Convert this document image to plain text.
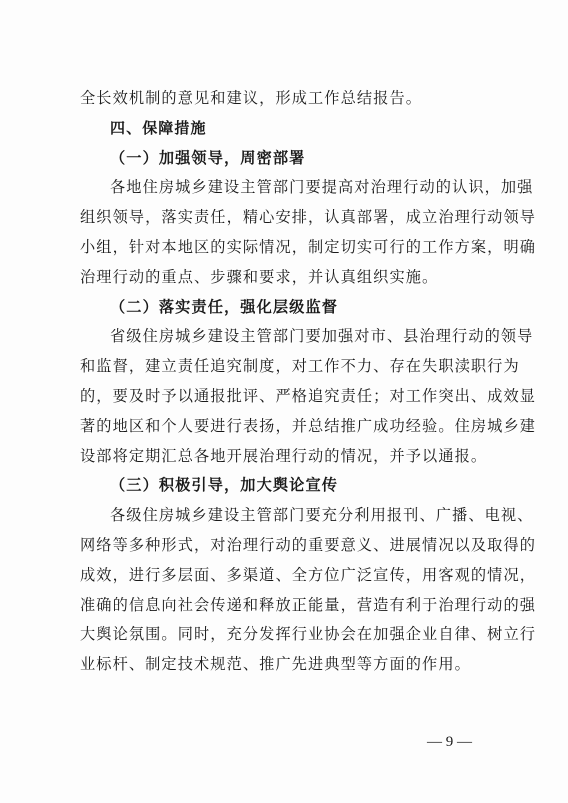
全长效机制的意见和建议，形成工作总结报告。
四、保障措施
（一）加强领导，周密部署
各地住房城乡建设主管部门要提高对治理行动的认识，加强
组织领导，落实责任，精心安排，认真部署，成立治理行动领导
小组，针对本地区的实际情况，制定切实可行的工作方案，明确
治理行动的重点、步骤和要求，并认真组织实施。
（二）落实责任，强化层级监督
省级住房城乡建设主管部门要加强对市、县治理行动的领导
和监督，建立责任追究制度，对工作不力、存在失职渎职行为
的，要及时予以通报批评、严格追究责任；对工作突出、成效显
著的地区和个人要进行表扬，并总结推广成功经验。住房城乡建
设部将定期汇总各地开展治理行动的情况，并予以通报。
（三）积极引导，加大舆论宣传
各级住房城乡建设主管部门要充分利用报刊、广播、电视、
网络等多种形式，对治理行动的重要意义、进展情况以及取得的
成效，进行多层面、多渠道、全方位广泛宣传，用客观的情况，
准确的信息向社会传递和释放正能量，营造有利于治理行动的强
大舆论氛围。同时，充分发挥行业协会在加强企业自律、树立行
业标杆、制定技术规范、推广先进典型等方面的作用。
— 9 —
